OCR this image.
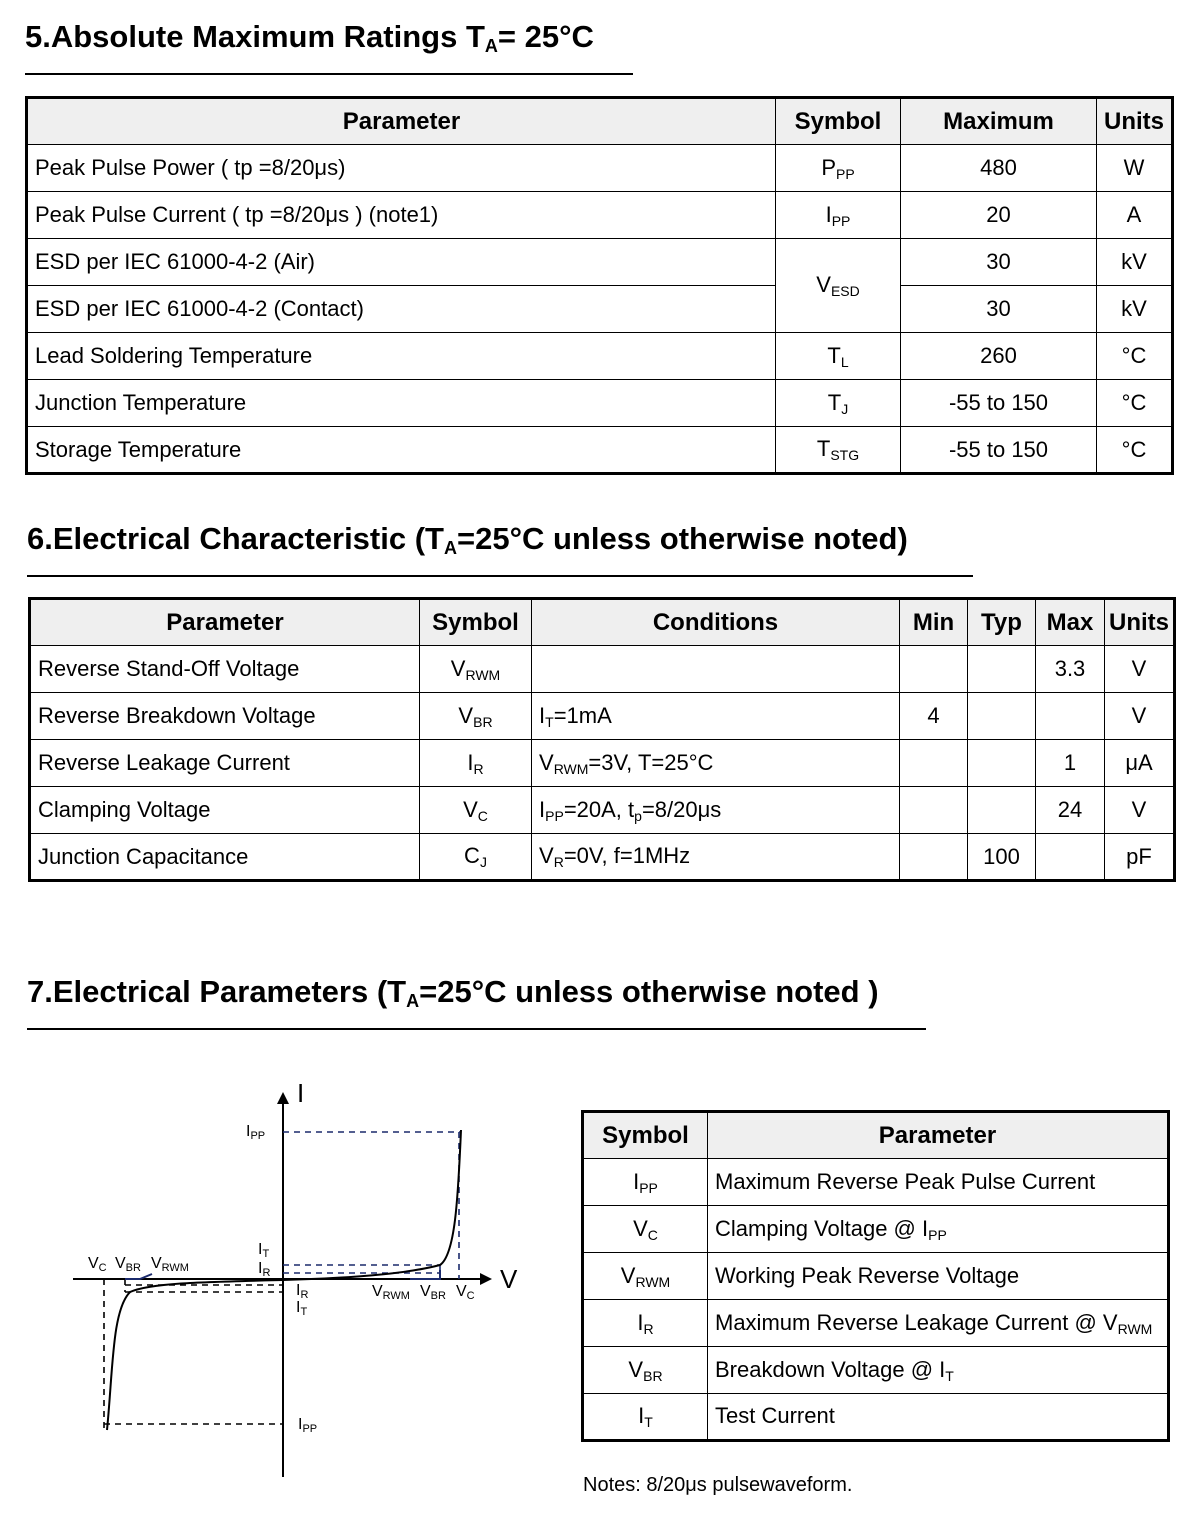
5.Absolute Maximum Ratings $T_A= 25^\circ C$
Parameter	Symbol	Maximum	Units
Peak Pulse Power ( tp =8/20μs)	$P_{PP}$	480	W
Peak Pulse Current ( tp =8/20μs ) (note1)	$I_{PP}$	20	A
ESD per IEC 61000-4-2 (Air)	$V_{ESD}$	30	kV
ESD per IEC 61000-4-2 (Contact)		30	kV
Lead Soldering Temperature	$T_L$	260	°C
Junction Temperature	$T_J$	-55 to 150	°C
Storage Temperature	$T_{STG}$	-55 to 150	°C
6.Electrical Characteristic ($T_A=25^\circ C$ unless otherwise noted)
Parameter	Symbol	Conditions	Min	Typ	Max	Units
Reverse Stand-Off Voltage	$V_{RWM}$				3.3	V
Reverse Breakdown Voltage	$V_{BR}$	$I_T=1mA$	4			V
Reverse Leakage Current	$I_R$	$V_{RWM}=3V$, T=25°C			1	μA
Clamping Voltage	$V_C$	$I_{PP}=20A$, $t_p=8/20\mu s$			24	V
Junction Capacitance	$C_J$	$V_R=0V$, f=1MHz		100		pF
7.Electrical Parameters ($T_A=25^\circ C$ unless otherwise noted )
I
V
IPP
IT
IR
VC VBR VRWM
IR
IT
VRWM VBR VC
IPP
Symbol	Parameter
$I_{PP}$	Maximum Reverse Peak Pulse Current
$V_C$	Clamping Voltage @ $I_{PP}$
$V_{RWM}$	Working Peak Reverse Voltage
$I_R$	Maximum Reverse Leakage Current @ $V_{RWM}$
$V_{BR}$	Breakdown Voltage @ $I_T$
$I_T$	Test Current
Notes: 8/20μs pulsewaveform.
